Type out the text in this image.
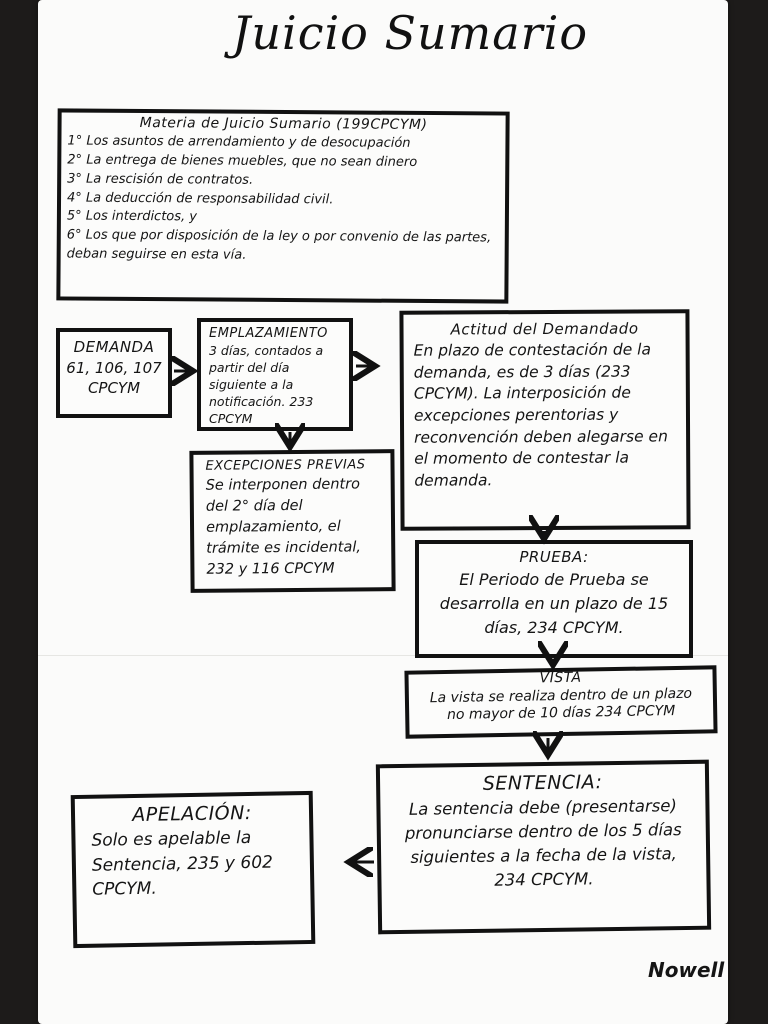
Juicio Sumario
Materia de Juicio Sumario (199CPCYM)
1° Los asuntos de arrendamiento y de desocupación
2° La entrega de bienes muebles, que no sean dinero
3° La rescisión de contratos.
4° La deducción de responsabilidad civil.
5° Los interdictos, y
6° Los que por disposición de la ley o por convenio de las partes, deban seguirse en esta vía.
DEMANDA
61, 106, 107 CPCYM
EMPLAZAMIENTO
3 días, contados a partir del día siguiente a la notificación. 233 CPCYM
Actitud del Demandado
En plazo de contestación de la demanda, es de 3 días (233 CPCYM). La interposición de excepciones perentorias y reconvención deben alegarse en el momento de contestar la demanda.
EXCEPCIONES PREVIAS
Se interponen dentro del 2° día del emplazamiento, el trámite es incidental, 232 y 116 CPCYM
PRUEBA:
El Periodo de Prueba se desarrolla en un plazo de 15 días, 234 CPCYM.
VISTA
La vista se realiza dentro de un plazo no mayor de 10 días 234 CPCYM
SENTENCIA:
La sentencia debe (presentarse) pronunciarse dentro de los 5 días siguientes a la fecha de la vista, 234 CPCYM.
APELACIÓN:
Solo es apelable la Sentencia, 235 y 602 CPCYM.
Nowell
